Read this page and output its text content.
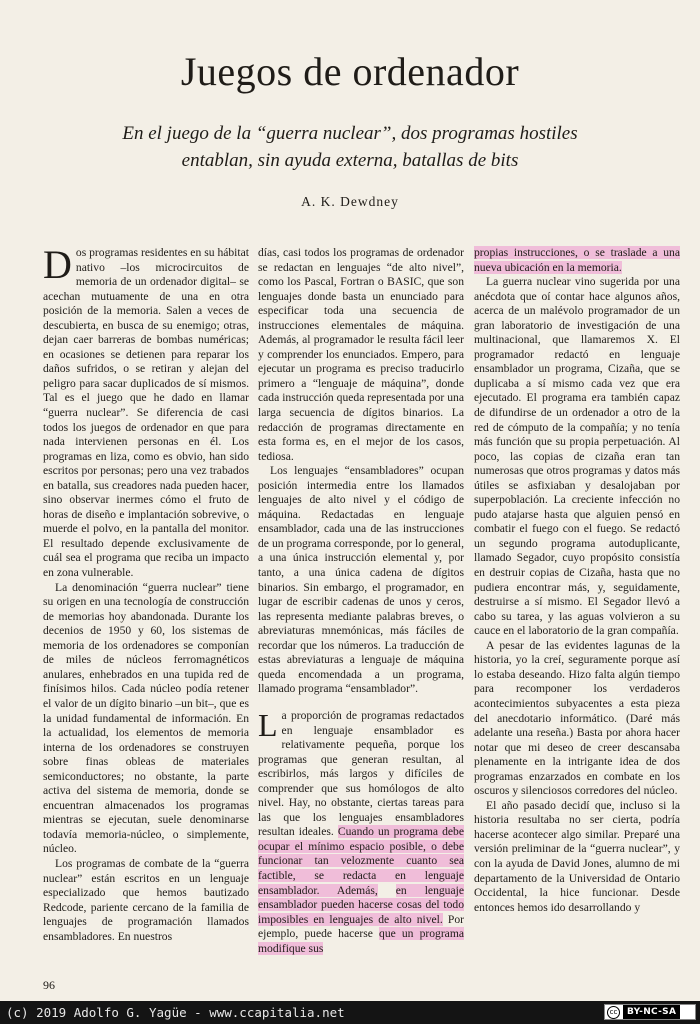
Juegos de ordenador
En el juego de la “guerra nuclear”, dos programas hostiles entablan, sin ayuda externa, batallas de bits
A. K. Dewdney

Dos programas residentes en su hábitat nativo –los microcircuitos de memoria de un ordenador digital– se acechan mutuamente de una en otra posición de la memoria. Salen a veces de descubierta, en busca de su enemigo; otras, dejan caer barreras de bombas numéricas; en ocasiones se detienen para reparar los daños sufridos, o se retiran y alejan del peligro para sacar duplicados de sí mismos. Tal es el juego que he dado en llamar “guerra nuclear”. Se diferencia de casi todos los juegos de ordenador en que para nada intervienen personas en él. Los programas en liza, como es obvio, han sido escritos por personas; pero una vez trabados en batalla, sus creadores nada pueden hacer, sino observar inermes cómo el fruto de horas de diseño e implantación sobrevive, o muerde el polvo, en la pantalla del monitor. El resultado depende exclusivamente de cuál sea el programa que reciba un impacto en zona vulnerable.

La denominación “guerra nuclear” tiene su origen en una tecnología de construcción de memorias hoy abandonada. Durante los decenios de 1950 y 60, los sistemas de memoria de los ordenadores se componían de miles de núcleos ferromagnéticos anulares, enhebrados en una tupida red de finísimos hilos. Cada núcleo podía retener el valor de un dígito binario –un bit–, que es la unidad fundamental de información. En la actualidad, los elementos de memoria interna de los ordenadores se construyen sobre finas obleas de materiales semiconductores; no obstante, la parte activa del sistema de memoria, donde se encuentran almacenados los programas mientras se ejecutan, suele denominarse todavía memoria-núcleo, o simplemente, núcleo.

Los programas de combate de la “guerra nuclear” están escritos en un lenguaje especializado que hemos bautizado Redcode, pariente cercano de la familia de lenguajes de programación llamados ensambladores. En nuestros

días, casi todos los programas de ordenador se redactan en lenguajes “de alto nivel”, como los Pascal, Fortran o BASIC, que son lenguajes donde basta un enunciado para especificar toda una secuencia de instrucciones elementales de máquina. Además, al programador le resulta fácil leer y comprender los enunciados. Empero, para ejecutar un programa es preciso traducirlo primero a “lenguaje de máquina”, donde cada instrucción queda representada por una larga secuencia de dígitos binarios. La redacción de programas directamente en esta forma es, en el mejor de los casos, tediosa.

Los lenguajes “ensambladores” ocupan posición intermedia entre los llamados lenguajes de alto nivel y el código de máquina. Redactadas en lenguaje ensamblador, cada una de las instrucciones de un programa corresponde, por lo general, a una única instrucción elemental y, por tanto, a una única cadena de dígitos binarios. Sin embargo, el programador, en lugar de escribir cadenas de unos y ceros, las representa mediante palabras breves, o abreviaturas mnemónicas, más fáciles de recordar que los números. La traducción de estas abreviaturas a lenguaje de máquina queda encomendada a un programa, llamado programa “ensamblador”.

La proporción de programas redactados en lenguaje ensamblador es relativamente pequeña, porque los programas que generan resultan, al escribirlos, más largos y difíciles de comprender que sus homólogos de alto nivel. Hay, no obstante, ciertas tareas para las que los lenguajes ensambladores resultan ideales. Cuando un programa debe ocupar el mínimo espacio posible, o debe funcionar tan velozmente cuanto sea factible, se redacta en lenguaje ensamblador. Además, en lenguaje ensamblador pueden hacerse cosas del todo imposibles en lenguajes de alto nivel. Por ejemplo, puede hacerse que un programa modifique sus

propias instrucciones, o se traslade a una nueva ubicación en la memoria.

La guerra nuclear vino sugerida por una anécdota que oí contar hace algunos años, acerca de un malévolo programador de un gran laboratorio de investigación de una multinacional, que llamaremos X. El programador redactó en lenguaje ensamblador un programa, Cizaña, que se duplicaba a sí mismo cada vez que era ejecutado. El programa era también capaz de difundirse de un ordenador a otro de la red de cómputo de la compañía; y no tenía más función que su propia perpetuación. Al poco, las copias de cizaña eran tan numerosas que otros programas y datos más útiles se asfixiaban y desalojaban por superpoblación. La creciente infección no pudo atajarse hasta que alguien pensó en combatir el fuego con el fuego. Se redactó un segundo programa autoduplicante, llamado Segador, cuyo propósito consistía en destruir copias de Cizaña, hasta que no pudiera encontrar más, y, seguidamente, destruirse a sí mismo. El Segador llevó a cabo su tarea, y las aguas volvieron a su cauce en el laboratorio de la gran compañía.

A pesar de las evidentes lagunas de la historia, yo la creí, seguramente porque así lo estaba deseando. Hizo falta algún tiempo para recomponer los verdaderos acontecimientos subyacentes a esta pieza del anecdotario informático. (Daré más adelante una reseña.) Basta por ahora hacer notar que mi deseo de creer descansaba plenamente en la intrigante idea de dos programas enzarzados en combate en los oscuros y silenciosos corredores del núcleo.

El año pasado decidí que, incluso si la historia resultaba no ser cierta, podría hacerse acontecer algo similar. Preparé una versión preliminar de la “guerra nuclear”, y con la ayuda de David Jones, alumno de mi departamento de la Universidad de Ontario Occidental, la hice funcionar. Desde entonces hemos ido desarrollando y

96
(c) 2019 Adolfo G. Yagüe - www.ccapitalia.net	cc	BY-NC-SA
